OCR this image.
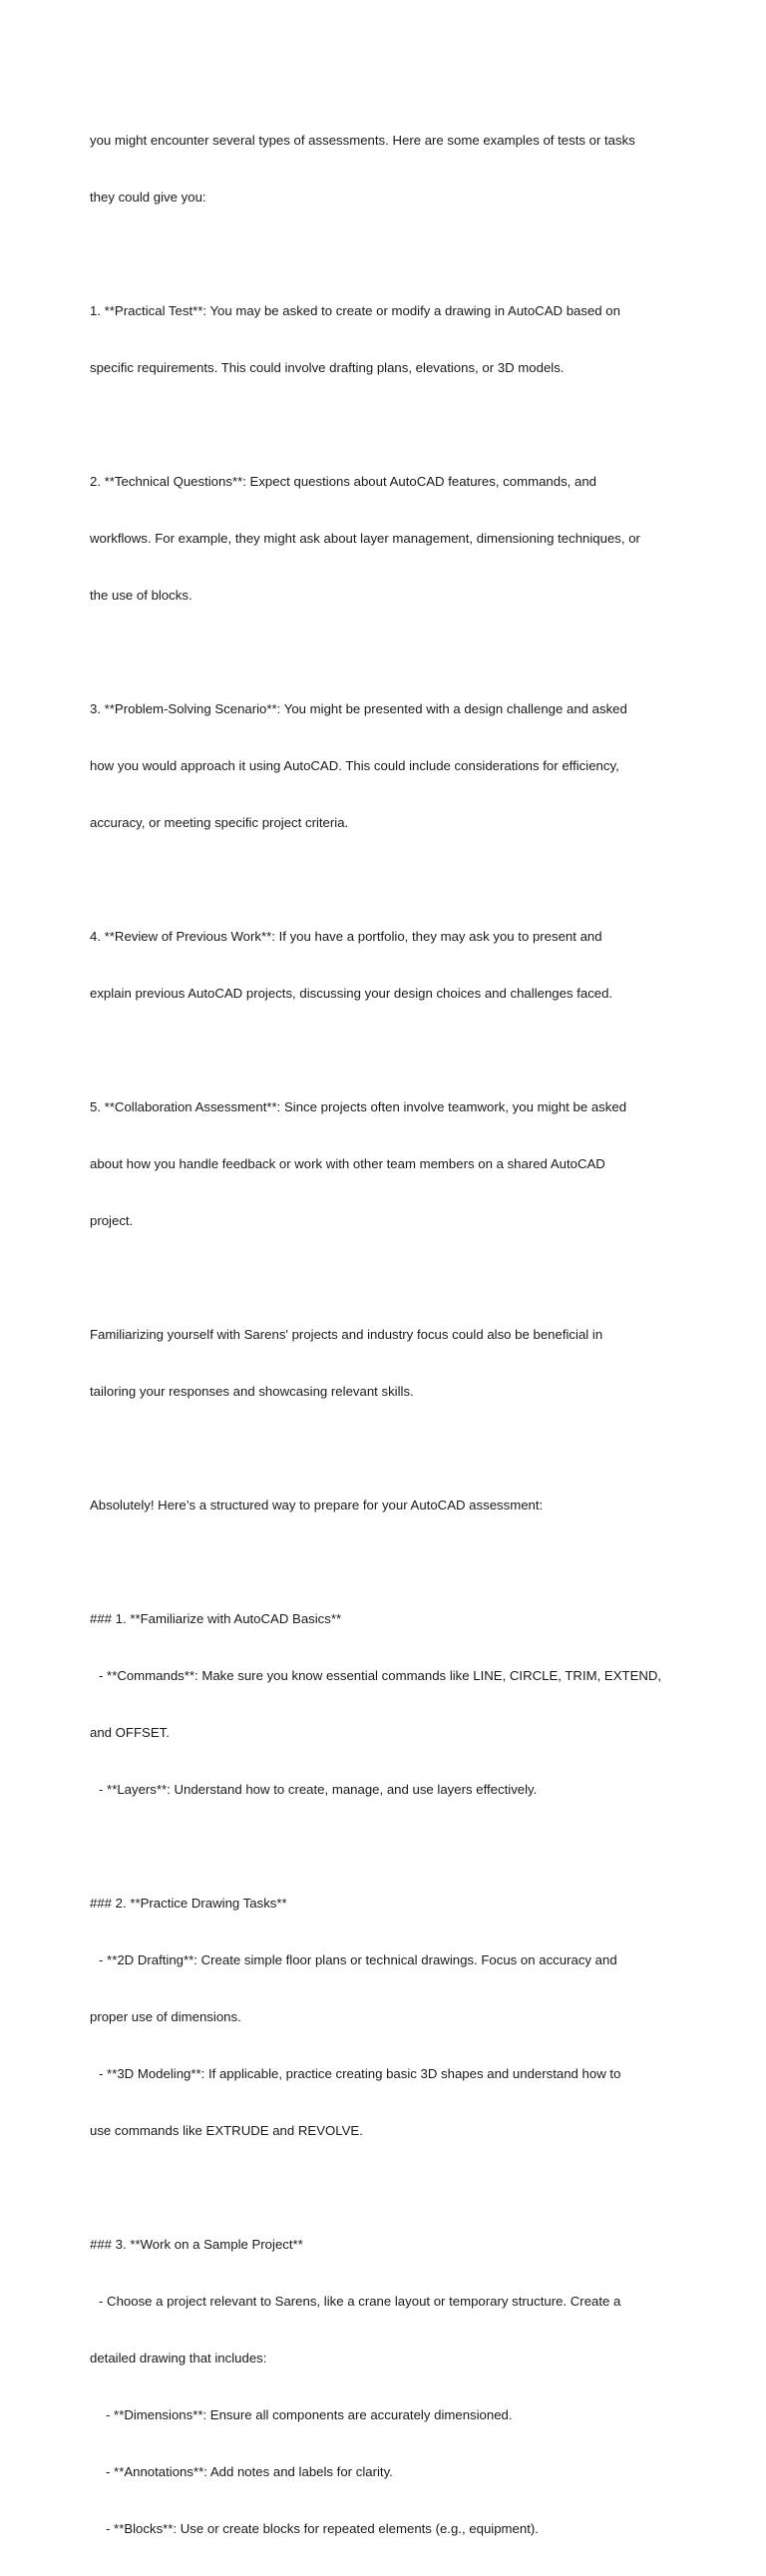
you might encounter several types of assessments. Here are some examples of tests or tasks

they could give you:

1. **Practical Test**: You may be asked to create or modify a drawing in AutoCAD based on

specific requirements. This could involve drafting plans, elevations, or 3D models.

2. **Technical Questions**: Expect questions about AutoCAD features, commands, and

workflows. For example, they might ask about layer management, dimensioning techniques, or

the use of blocks.

3. **Problem-Solving Scenario**: You might be presented with a design challenge and asked

how you would approach it using AutoCAD. This could include considerations for efficiency,

accuracy, or meeting specific project criteria.

4. **Review of Previous Work**: If you have a portfolio, they may ask you to present and

explain previous AutoCAD projects, discussing your design choices and challenges faced.

5. **Collaboration Assessment**: Since projects often involve teamwork, you might be asked

about how you handle feedback or work with other team members on a shared AutoCAD

project.

Familiarizing yourself with Sarens' projects and industry focus could also be beneficial in

tailoring your responses and showcasing relevant skills.

Absolutely! Here’s a structured way to prepare for your AutoCAD assessment:

### 1. **Familiarize with AutoCAD Basics**

- **Commands**: Make sure you know essential commands like LINE, CIRCLE, TRIM, EXTEND,

and OFFSET.

- **Layers**: Understand how to create, manage, and use layers effectively.

### 2. **Practice Drawing Tasks**

- **2D Drafting**: Create simple floor plans or technical drawings. Focus on accuracy and

proper use of dimensions.

- **3D Modeling**: If applicable, practice creating basic 3D shapes and understand how to

use commands like EXTRUDE and REVOLVE.

### 3. **Work on a Sample Project**

- Choose a project relevant to Sarens, like a crane layout or temporary structure. Create a

detailed drawing that includes:

- **Dimensions**: Ensure all components are accurately dimensioned.

- **Annotations**: Add notes and labels for clarity.

- **Blocks**: Use or create blocks for repeated elements (e.g., equipment).
